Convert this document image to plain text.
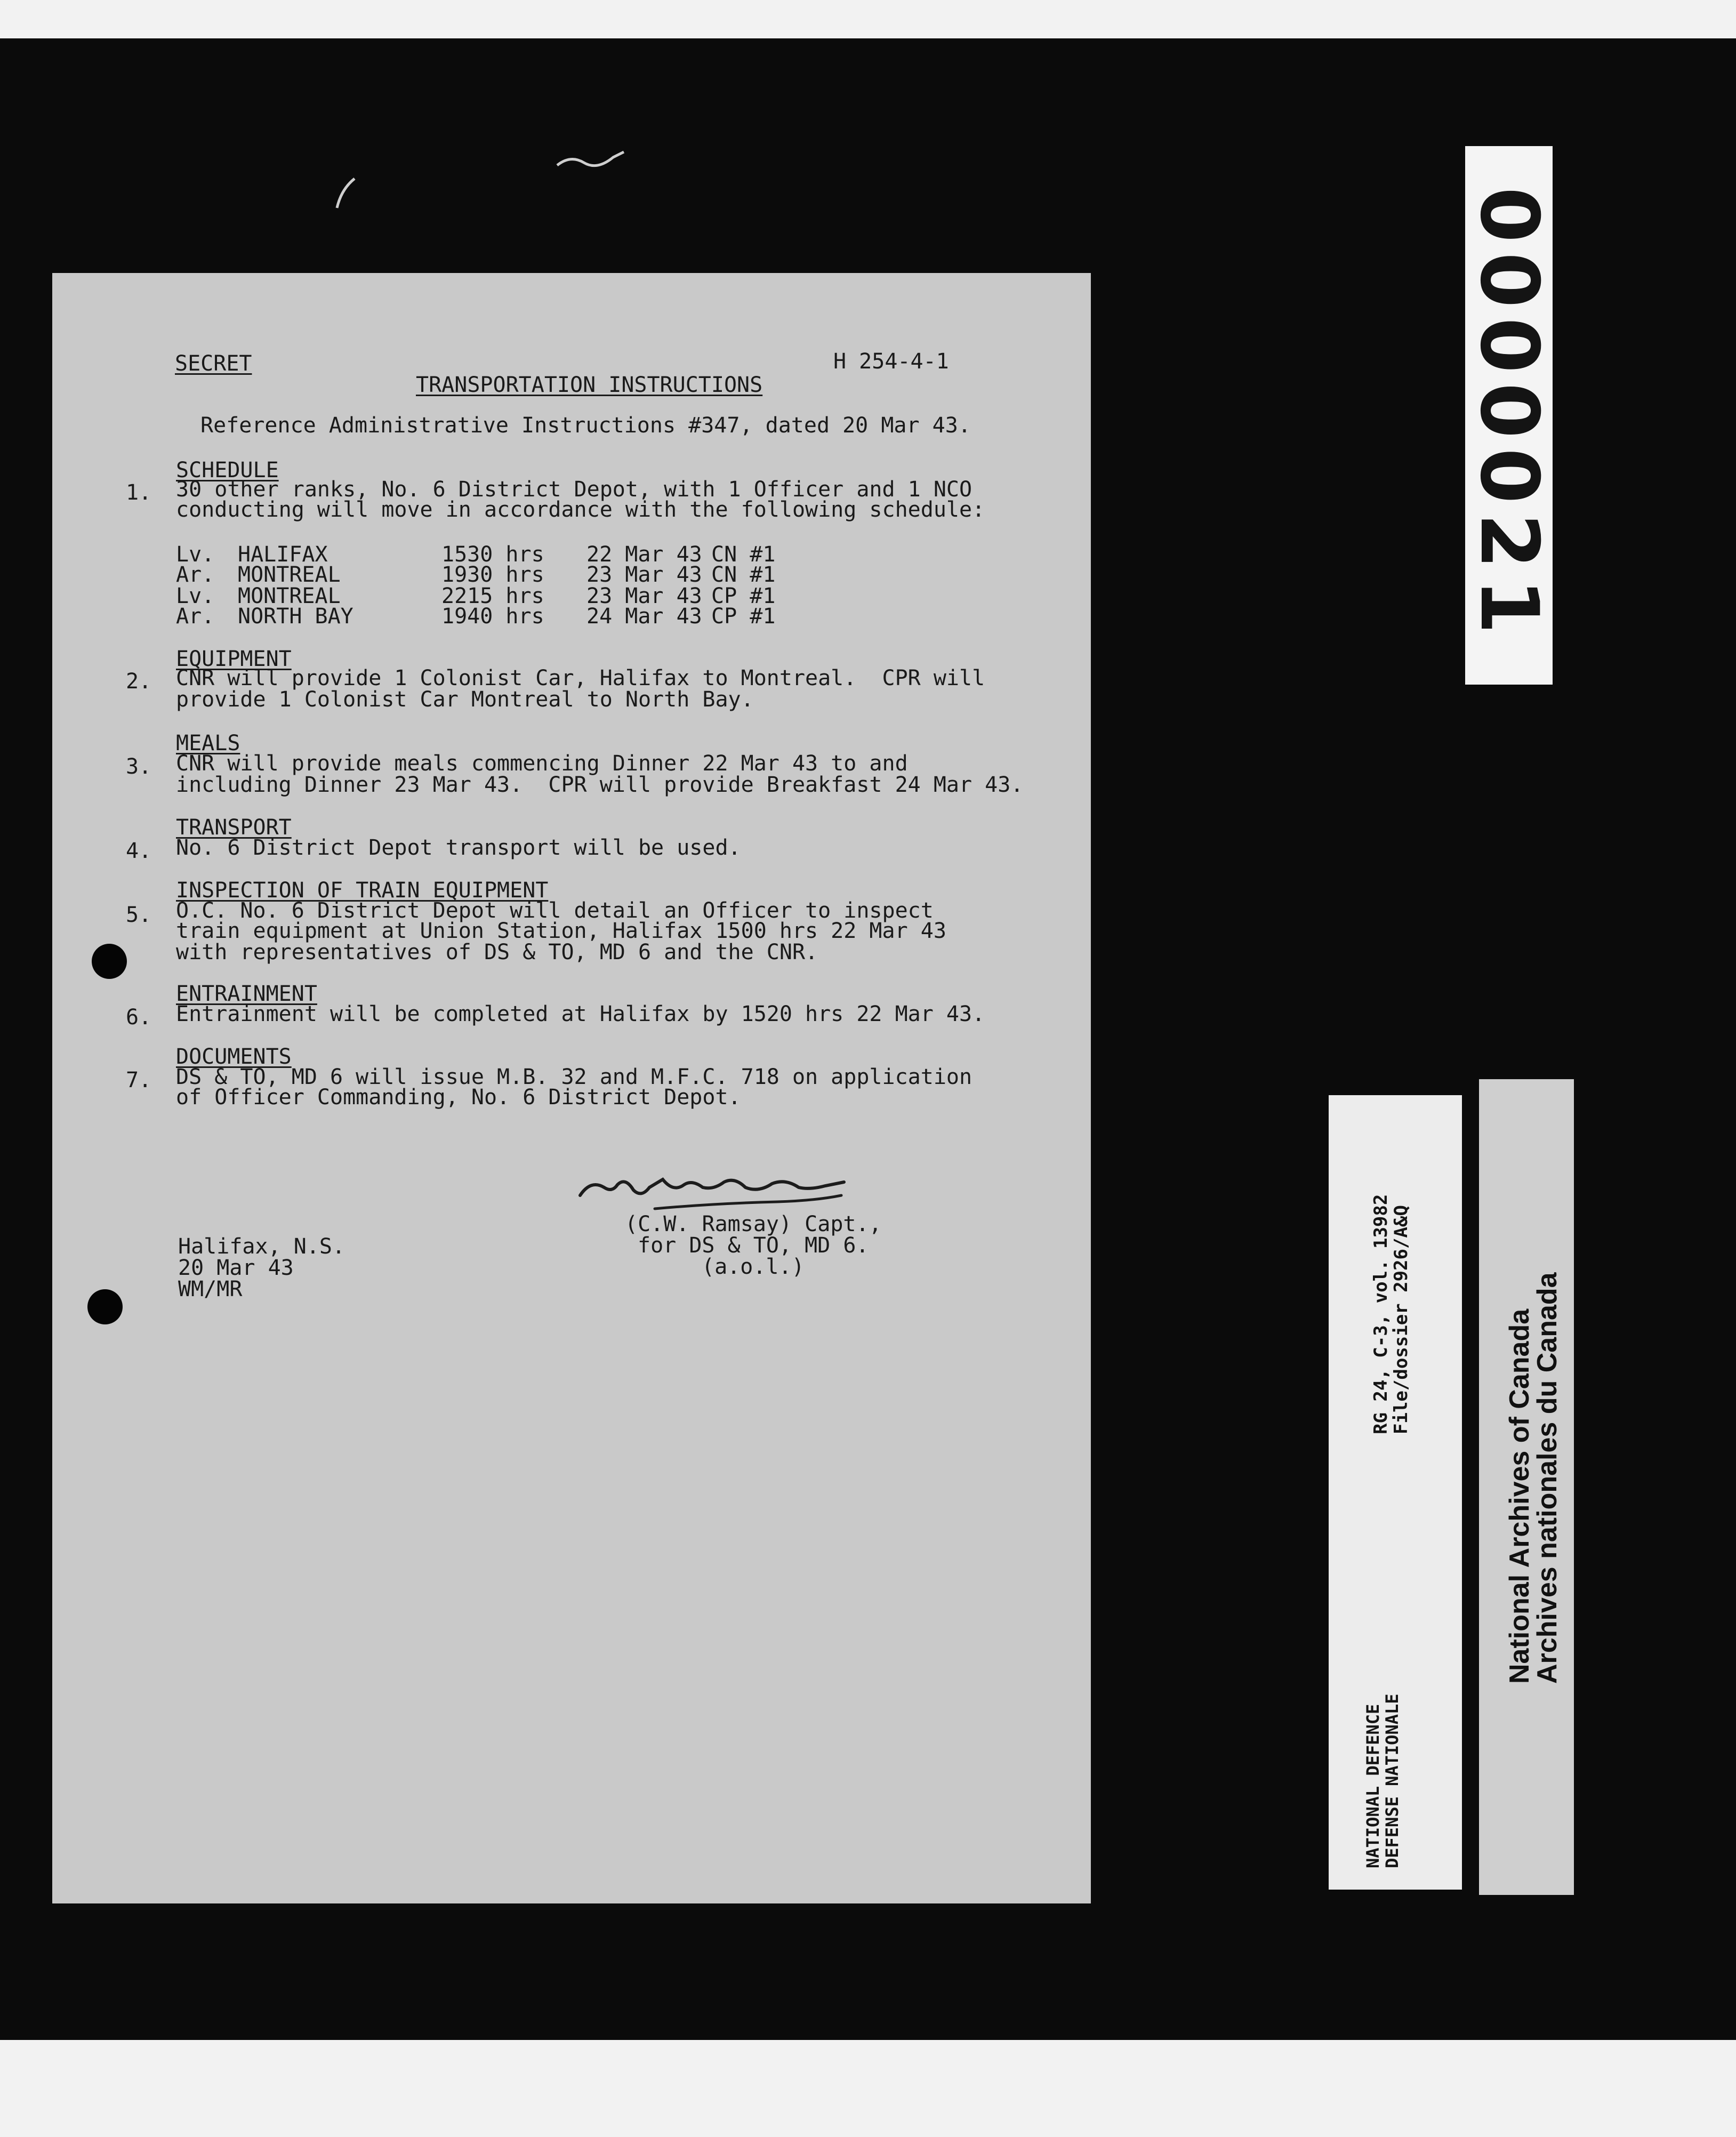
SECRET	H 254-4-1
TRANSPORTATION INSTRUCTIONS
Reference Administrative Instructions #347, dated 20 Mar 43.
SCHEDULE
1. 30 other ranks, No. 6 District Depot, with 1 Officer and 1 NCO
conducting will move in accordance with the following schedule:
Lv. HALIFAX	1530 hrs 22 Mar 43 CN #1
Ar. MONTREAL	1930 hrs 23 Mar 43 CN #1
Lv. MONTREAL	2215 hrs 23 Mar 43 CP #1
Ar. NORTH BAY	1940 hrs 24 Mar 43 CP #1
EQUIPMENT
2. CNR will provide 1 Colonist Car, Halifax to Montreal.  CPR will
provide 1 Colonist Car Montreal to North Bay.
MEALS
3. CNR will provide meals commencing Dinner 22 Mar 43 to and
including Dinner 23 Mar 43.  CPR will provide Breakfast 24 Mar 43.
TRANSPORT
4. No. 6 District Depot transport will be used.
INSPECTION OF TRAIN EQUIPMENT
5. O.C. No. 6 District Depot will detail an Officer to inspect
train equipment at Union Station, Halifax 1500 hrs 22 Mar 43
with representatives of DS & TO, MD 6 and the CNR.
ENTRAINMENT
6. Entrainment will be completed at Halifax by 1520 hrs 22 Mar 43.
DOCUMENTS
7. DS & TO, MD 6 will issue M.B. 32 and M.F.C. 718 on application
of Officer Commanding, No. 6 District Depot.
(C.W. Ramsay) Capt.,
for DS & TO, MD 6.
(a.o.l.)
Halifax, N.S.
20 Mar 43
WM/MR
0000021
RG 24, C-3, vol. 13982
File/dossier 2926/A&Q
NATIONAL DEFENCE
DEFENSE NATIONALE
National Archives of Canada
Archives nationales du Canada
